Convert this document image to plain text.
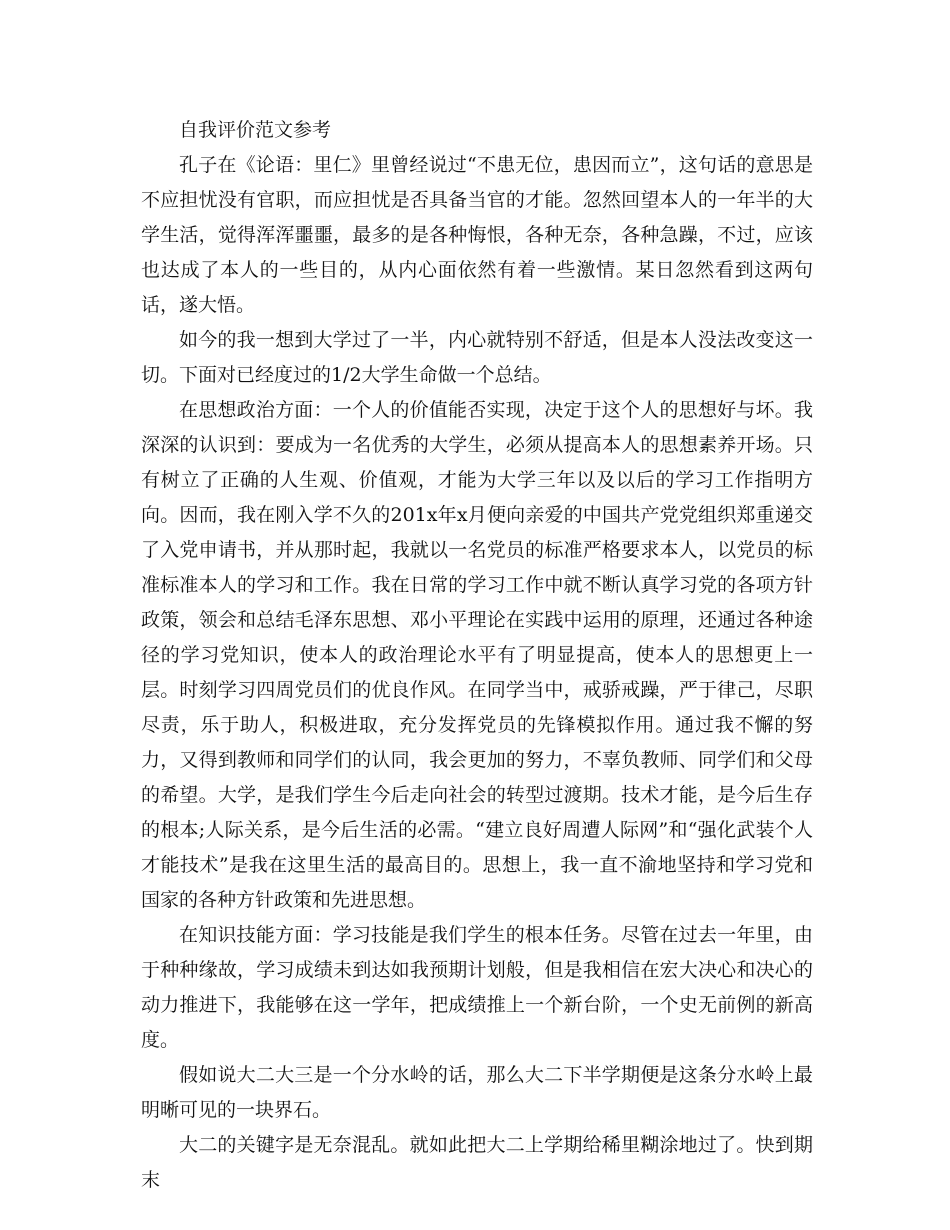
自我评价范文参考

孔子在《论语：里仁》里曾经说过“不患无位，患因而立”，这句话的意思是不应担忧没有官职，而应担忧是否具备当官的才能。忽然回望本人的一年半的大学生活，觉得浑浑噩噩，最多的是各种悔恨，各种无奈，各种急躁，不过，应该也达成了本人的一些目的，从内心面依然有着一些激情。某日忽然看到这两句话，遂大悟。

如今的我一想到大学过了一半，内心就特别不舒适，但是本人没法改变这一切。下面对已经度过的1/2大学生命做一个总结。

在思想政治方面：一个人的价值能否实现，决定于这个人的思想好与坏。我深深的认识到：要成为一名优秀的大学生，必须从提高本人的思想素养开场。只有树立了正确的人生观、价值观，才能为大学三年以及以后的学习工作指明方向。因而，我在刚入学不久的201x年x月便向亲爱的中国共产党党组织郑重递交了入党申请书，并从那时起，我就以一名党员的标准严格要求本人，以党员的标准标准本人的学习和工作。我在日常的学习工作中就不断认真学习党的各项方针政策，领会和总结毛泽东思想、邓小平理论在实践中运用的原理，还通过各种途径的学习党知识，使本人的政治理论水平有了明显提高，使本人的思想更上一层。时刻学习四周党员们的优良作风。在同学当中，戒骄戒躁，严于律己，尽职尽责，乐于助人，积极进取，充分发挥党员的先锋模拟作用。通过我不懈的努力，又得到教师和同学们的认同，我会更加的努力，不辜负教师、同学们和父母的希望。大学，是我们学生今后走向社会的转型过渡期。技术才能，是今后生存的根本;人际关系，是今后生活的必需。“建立良好周遭人际网”和“强化武装个人才能技术”是我在这里生活的最高目的。思想上，我一直不渝地坚持和学习党和国家的各种方针政策和先进思想。

在知识技能方面：学习技能是我们学生的根本任务。尽管在过去一年里，由于种种缘故，学习成绩未到达如我预期计划般，但是我相信在宏大决心和决心的动力推进下，我能够在这一学年，把成绩推上一个新台阶，一个史无前例的新高度。

假如说大二大三是一个分水岭的话，那么大二下半学期便是这条分水岭上最明晰可见的一块界石。

大二的关键字是无奈混乱。就如此把大二上学期给稀里糊涂地过了。快到期末
